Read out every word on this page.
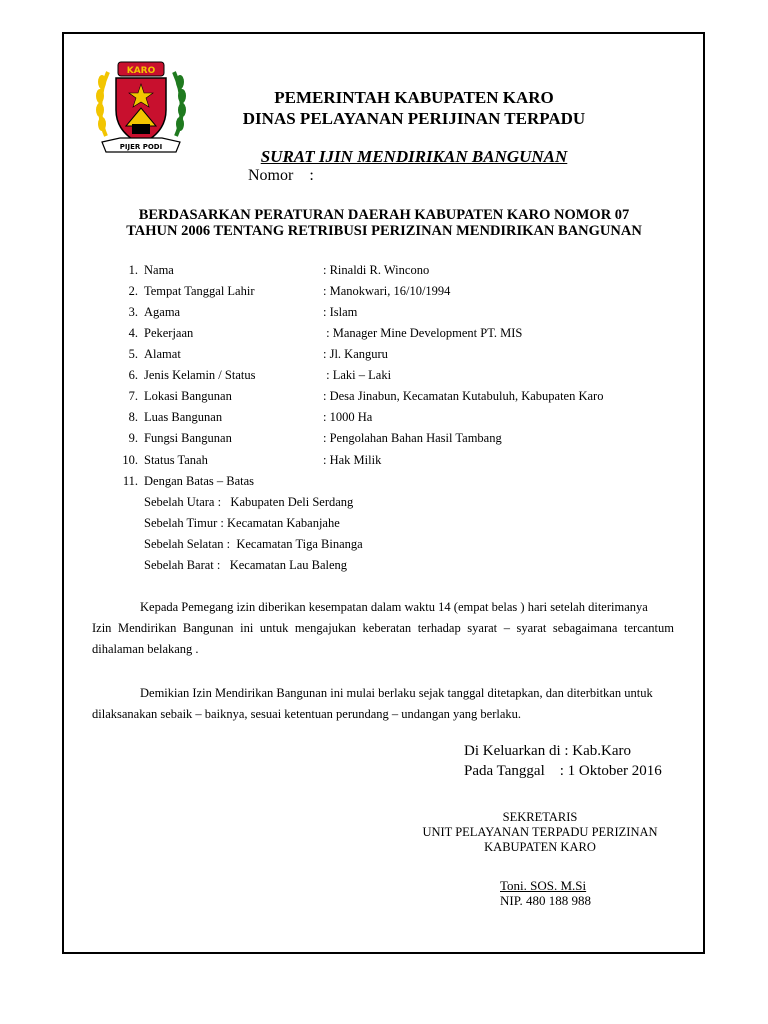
KARO
PIJER PODI
PEMERINTAH KABUPATEN KARO
DINAS PELAYANAN PERIJINAN TERPADU
SURAT IJIN MENDIRIKAN BANGUNAN
Nomor    :
BERDASARKAN PERATURAN DAERAH KABUPATEN KARO NOMOR 07
TAHUN 2006 TENTANG RETRIBUSI PERIZINAN MENDIRIKAN BANGUNAN
1. Nama	: Rinaldi R. Wincono
2. Tempat Tanggal Lahir	: Manokwari, 16/10/1994
3. Agama	: Islam
4. Pekerjaan	: Manager Mine Development PT. MIS
5. Alamat	: Jl. Kanguru
6. Jenis Kelamin / Status	: Laki – Laki
7. Lokasi Bangunan	: Desa Jinabun, Kecamatan Kutabuluh, Kabupaten Karo
8. Luas Bangunan	: 1000 Ha
9. Fungsi Bangunan	: Pengolahan Bahan Hasil Tambang
10. Status Tanah	: Hak Milik
11. Dengan Batas – Batas
Sebelah Utara :   Kabupaten Deli Serdang
Sebelah Timur : Kecamatan Kabanjahe
Sebelah Selatan :  Kecamatan Tiga Binanga
Sebelah Barat :   Kecamatan Lau Baleng
Kepada Pemegang izin diberikan kesempatan dalam waktu 14 (empat belas ) hari setelah diterimanya
Izin Mendirikan Bangunan ini untuk mengajukan keberatan terhadap syarat – syarat sebagaimana tercantum
dihalaman belakang .
Demikian Izin Mendirikan Bangunan ini mulai berlaku sejak tanggal ditetapkan, dan diterbitkan untuk
dilaksanakan sebaik – baiknya, sesuai ketentuan perundang – undangan yang berlaku.
Di Keluarkan di : Kab.Karo
Pada Tanggal    : 1 Oktober 2016
SEKRETARIS
UNIT PELAYANAN TERPADU PERIZINAN
KABUPATEN KARO
Toni. SOS. M.Si
NIP. 480 188 988
